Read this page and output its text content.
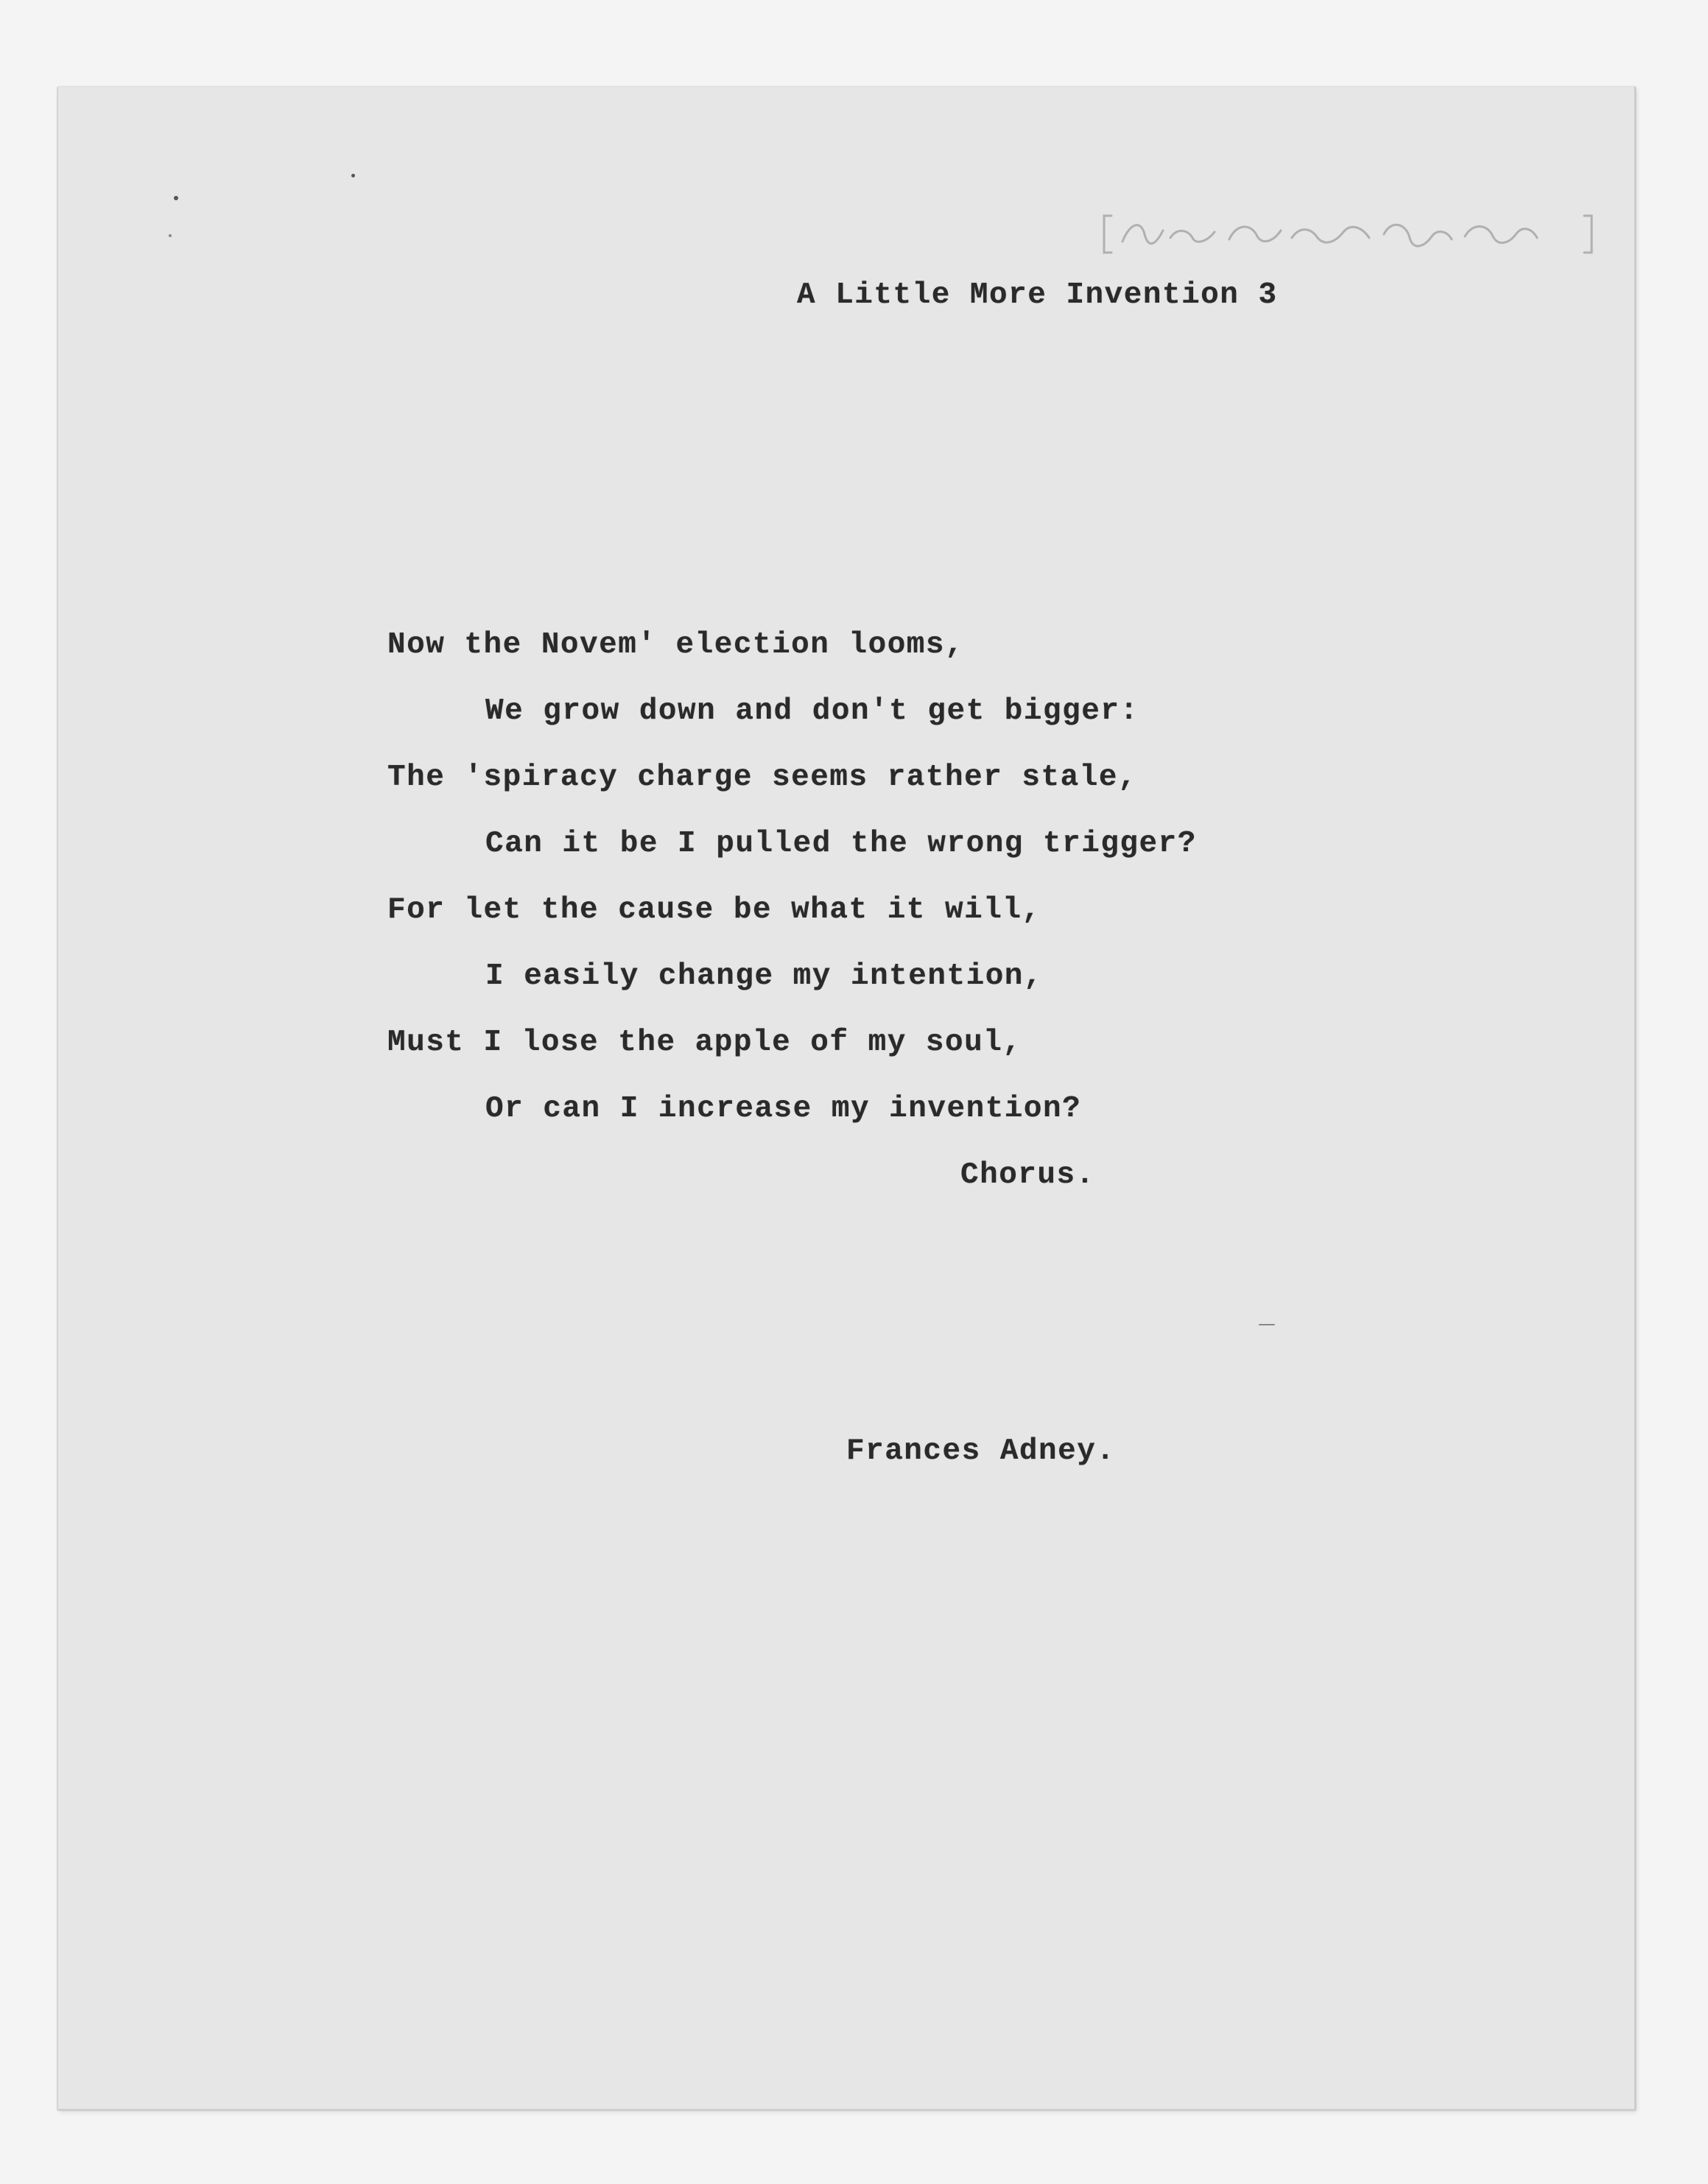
A Little More Invention 3
Now the Novem' election looms,
We grow down and don't get bigger:
The 'spiracy charge seems rather stale,
Can it be I pulled the wrong trigger?
For let the cause be what it will,
I easily change my intention,
Must I lose the apple of my soul,
Or can I increase my invention?
Chorus.
Frances Adney.
